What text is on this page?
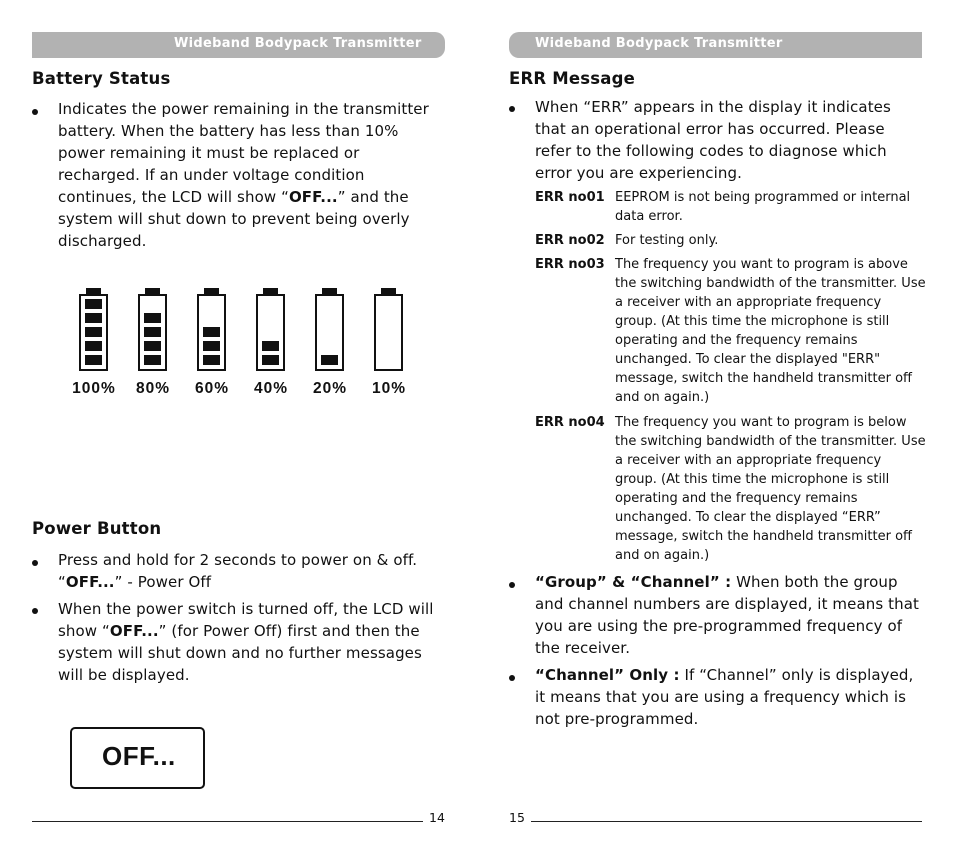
Wideband Bodypack Transmitter	Wideband Bodypack Transmitter
Battery Status
Indicates the power remaining in the transmitter battery. When the battery has less than 10% power remaining it must be replaced or recharged. If an under voltage condition continues, the LCD will show “OFF...” and the system will shut down to prevent being overly discharged.
100%	80%	60%	40%	20%	10%
Power Button
Press and hold for 2 seconds to power on & off.
“OFF...” - Power Off
When the power switch is turned off, the LCD will show “OFF...” (for Power Off) first and then the system will shut down and no further messages will be displayed.
OFF...
ERR Message
When “ERR” appears in the display it indicates that an operational error has occurred. Please refer to the following codes to diagnose which error you are experiencing.
ERR no01 EEPROM is not being programmed or internal data error.
ERR no02 For testing only.
ERR no03 The frequency you want to program is above the switching bandwidth of the transmitter. Use a receiver with an appropriate frequency group. (At this time the microphone is still operating and the frequency remains unchanged. To clear the displayed "ERR" message, switch the handheld transmitter off and on again.)
ERR no04 The frequency you want to program is below the switching bandwidth of the transmitter. Use a receiver with an appropriate frequency group. (At this time the microphone is still operating and the frequency remains unchanged. To clear the displayed “ERR” message, switch the handheld transmitter off and on again.)
“Group” & “Channel” : When both the group and channel numbers are displayed, it means that you are using the pre-programmed frequency of the receiver.
“Channel” Only : If “Channel” only is displayed, it means that you are using a frequency which is not pre-programmed.
14	15
